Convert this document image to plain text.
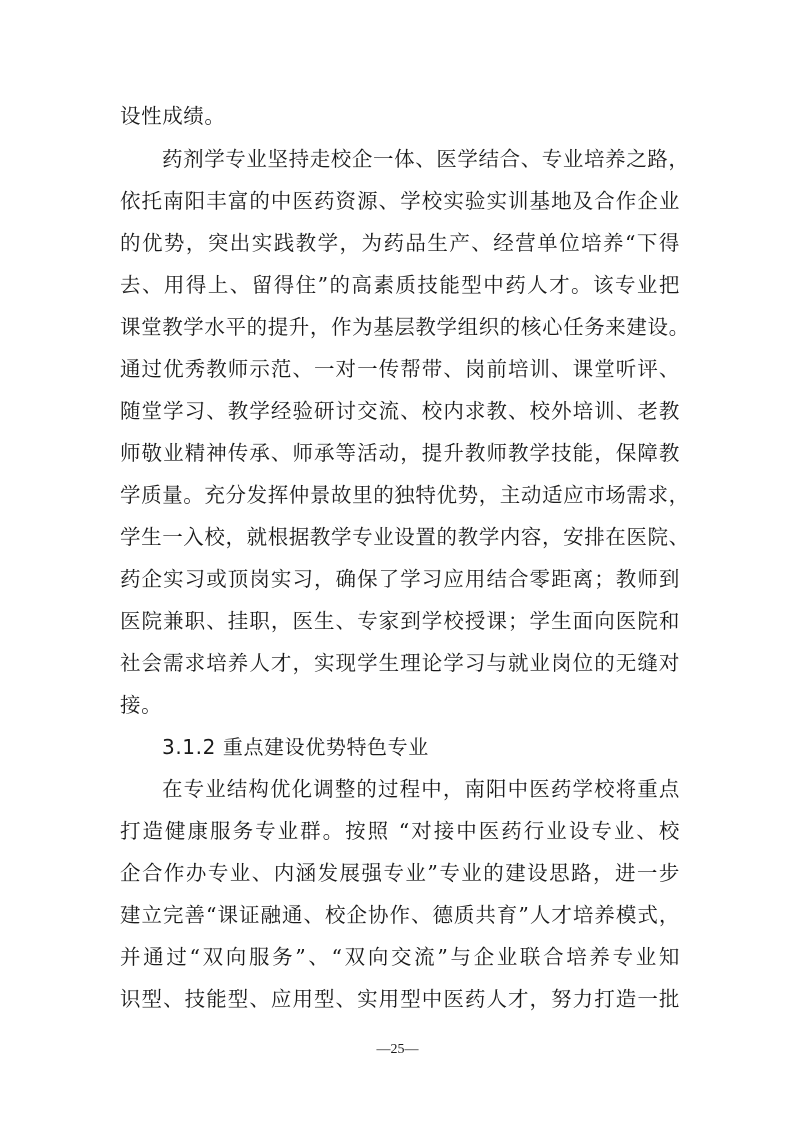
设性成绩。
药剂学专业坚持走校企一体、医学结合、专业培养之路，
依托南阳丰富的中医药资源、学校实验实训基地及合作企业
的优势，突出实践教学，为药品生产、经营单位培养“下得
去、用得上、留得住”的高素质技能型中药人才。该专业把
课堂教学水平的提升，作为基层教学组织的核心任务来建设。
通过优秀教师示范、一对一传帮带、岗前培训、课堂听评、
随堂学习、教学经验研讨交流、校内求教、校外培训、老教
师敬业精神传承、师承等活动，提升教师教学技能，保障教
学质量。充分发挥仲景故里的独特优势，主动适应市场需求，
学生一入校，就根据教学专业设置的教学内容，安排在医院、
药企实习或顶岗实习，确保了学习应用结合零距离；教师到
医院兼职、挂职，医生、专家到学校授课；学生面向医院和
社会需求培养人才，实现学生理论学习与就业岗位的无缝对
接。
3.1.2 重点建设优势特色专业
在专业结构优化调整的过程中，南阳中医药学校将重点
打造健康服务专业群。按照 “对接中医药行业设专业、校
企合作办专业、内涵发展强专业”专业的建设思路，进一步
建立完善“课证融通、校企协作、德质共育”人才培养模式，
并通过“双向服务”、“双向交流”与企业联合培养专业知
识型、技能型、应用型、实用型中医药人才，努力打造一批
—25—
